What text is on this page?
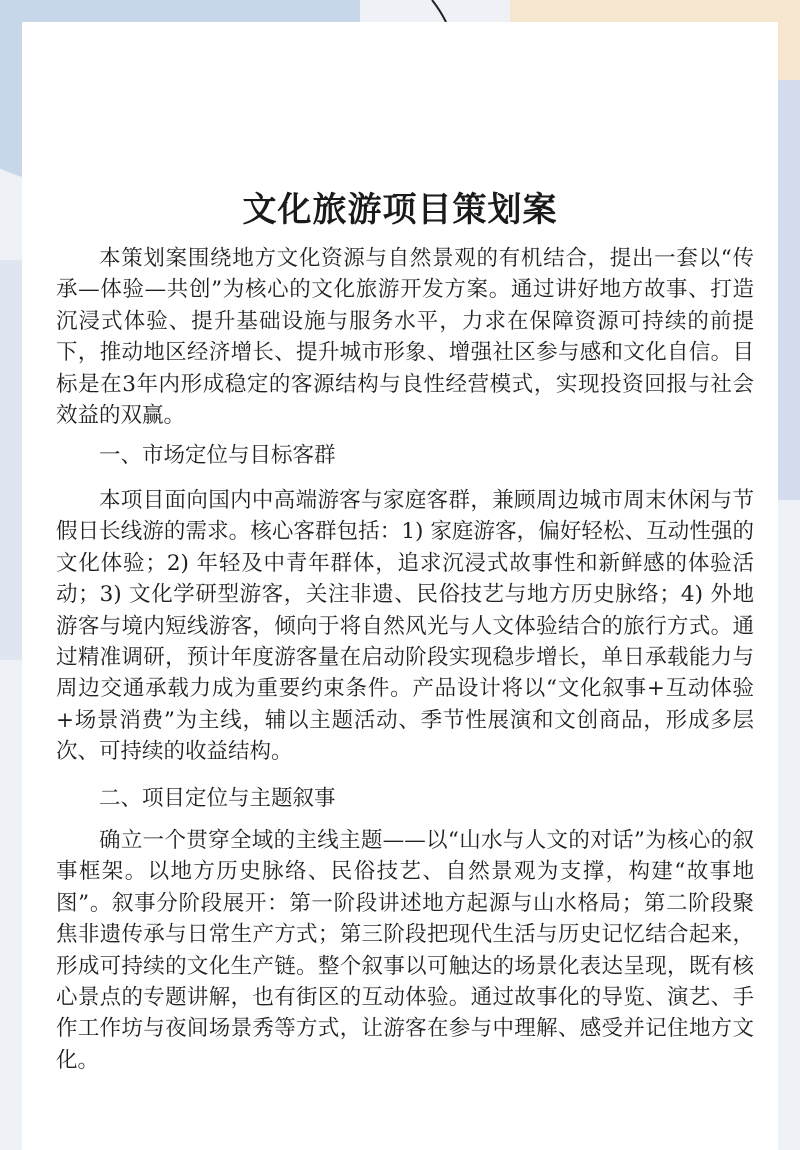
文化旅游项目策划案

本策划案围绕地方文化资源与自然景观的有机结合，提出一套以“传承—体验—共创”为核心的文化旅游开发方案。通过讲好地方故事、打造沉浸式体验、提升基础设施与服务水平，力求在保障资源可持续的前提下，推动地区经济增长、提升城市形象、增强社区参与感和文化自信。目标是在3年内形成稳定的客源结构与良性经营模式，实现投资回报与社会效益的双赢。

一、市场定位与目标客群

本项目面向国内中高端游客与家庭客群，兼顾周边城市周末休闲与节假日长线游的需求。核心客群包括：1) 家庭游客，偏好轻松、互动性强的文化体验；2) 年轻及中青年群体，追求沉浸式故事性和新鲜感的体验活动；3) 文化学研型游客，关注非遗、民俗技艺与地方历史脉络；4) 外地游客与境内短线游客，倾向于将自然风光与人文体验结合的旅行方式。通过精准调研，预计年度游客量在启动阶段实现稳步增长，单日承载能力与周边交通承载力成为重要约束条件。产品设计将以“文化叙事+互动体验+场景消费”为主线，辅以主题活动、季节性展演和文创商品，形成多层次、可持续的收益结构。

二、项目定位与主题叙事

确立一个贯穿全域的主线主题——以“山水与人文的对话”为核心的叙事框架。以地方历史脉络、民俗技艺、自然景观为支撑，构建“故事地图”。叙事分阶段展开：第一阶段讲述地方起源与山水格局；第二阶段聚焦非遗传承与日常生产方式；第三阶段把现代生活与历史记忆结合起来，形成可持续的文化生产链。整个叙事以可触达的场景化表达呈现，既有核心景点的专题讲解，也有街区的互动体验。通过故事化的导览、演艺、手作工作坊与夜间场景秀等方式，让游客在参与中理解、感受并记住地方文化。
